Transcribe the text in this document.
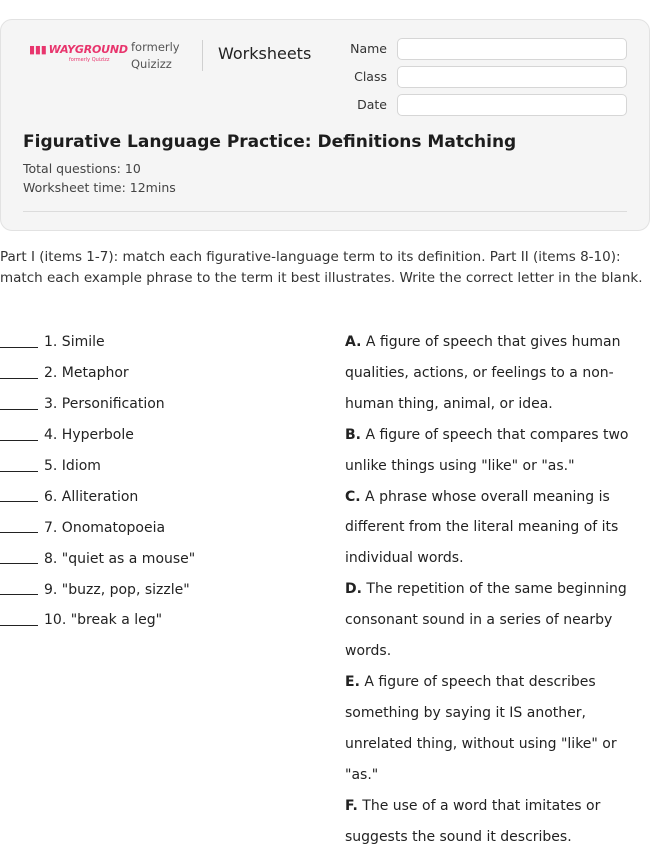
▮▮▮ WAYGROUND
formerly Quizizz
formerly
Quizizz
Worksheets	Name
Class
Date
Figurative Language Practice: Definitions Matching
Total questions: 10
Worksheet time: 12mins
Part I (items 1-7): match each figurative-language term to its definition. Part II (items 8-10): match each example phrase to the term it best illustrates. Write the correct letter in the blank.
1. Simile
2. Metaphor
3. Personification
4. Hyperbole
5. Idiom
6. Alliteration
7. Onomatopoeia
8. "quiet as a mouse"
9. "buzz, pop, sizzle"
10. "break a leg"
A. A figure of speech that gives human qualities, actions, or feelings to a non-human thing, animal, or idea.
B. A figure of speech that compares two unlike things using "like" or "as."
C. A phrase whose overall meaning is different from the literal meaning of its individual words.
D. The repetition of the same beginning consonant sound in a series of nearby words.
E. A figure of speech that describes something by saying it IS another, unrelated thing, without using "like" or "as."
F. The use of a word that imitates or suggests the sound it describes.
